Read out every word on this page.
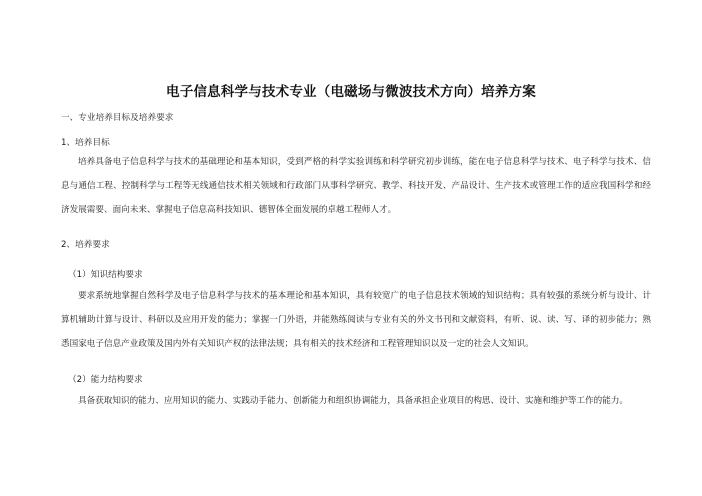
电子信息科学与技术专业（电磁场与微波技术方向）培养方案
一、专业培养目标及培养要求
1、培养目标

培养具备电子信息科学与技术的基础理论和基本知识，受到严格的科学实验训练和科学研究初步训练，能在电子信息科学与技术、电子科学与技术、信息与通信工程、控制科学与工程等无线通信技术相关领域和行政部门从事科学研究、教学、科技开发、产品设计、生产技术或管理工作的适应我国科学和经济发展需要、面向未来、掌握电子信息高科技知识、德智体全面发展的卓越工程师人才。

2、培养要求
（1）知识结构要求

要求系统地掌握自然科学及电子信息科学与技术的基本理论和基本知识，具有较宽广的电子信息技术领域的知识结构；具有较强的系统分析与设计、计算机辅助计算与设计、科研以及应用开发的能力；掌握一门外语，并能熟练阅读与专业有关的外文书刊和文献资料，有听、说、读、写、译的初步能力；熟悉国家电子信息产业政策及国内外有关知识产权的法律法规；具有相关的技术经济和工程管理知识以及一定的社会人文知识。

（2）能力结构要求

具备获取知识的能力、应用知识的能力、实践动手能力、创新能力和组织协调能力，具备承担企业项目的构思、设计、实施和维护等工作的能力。
